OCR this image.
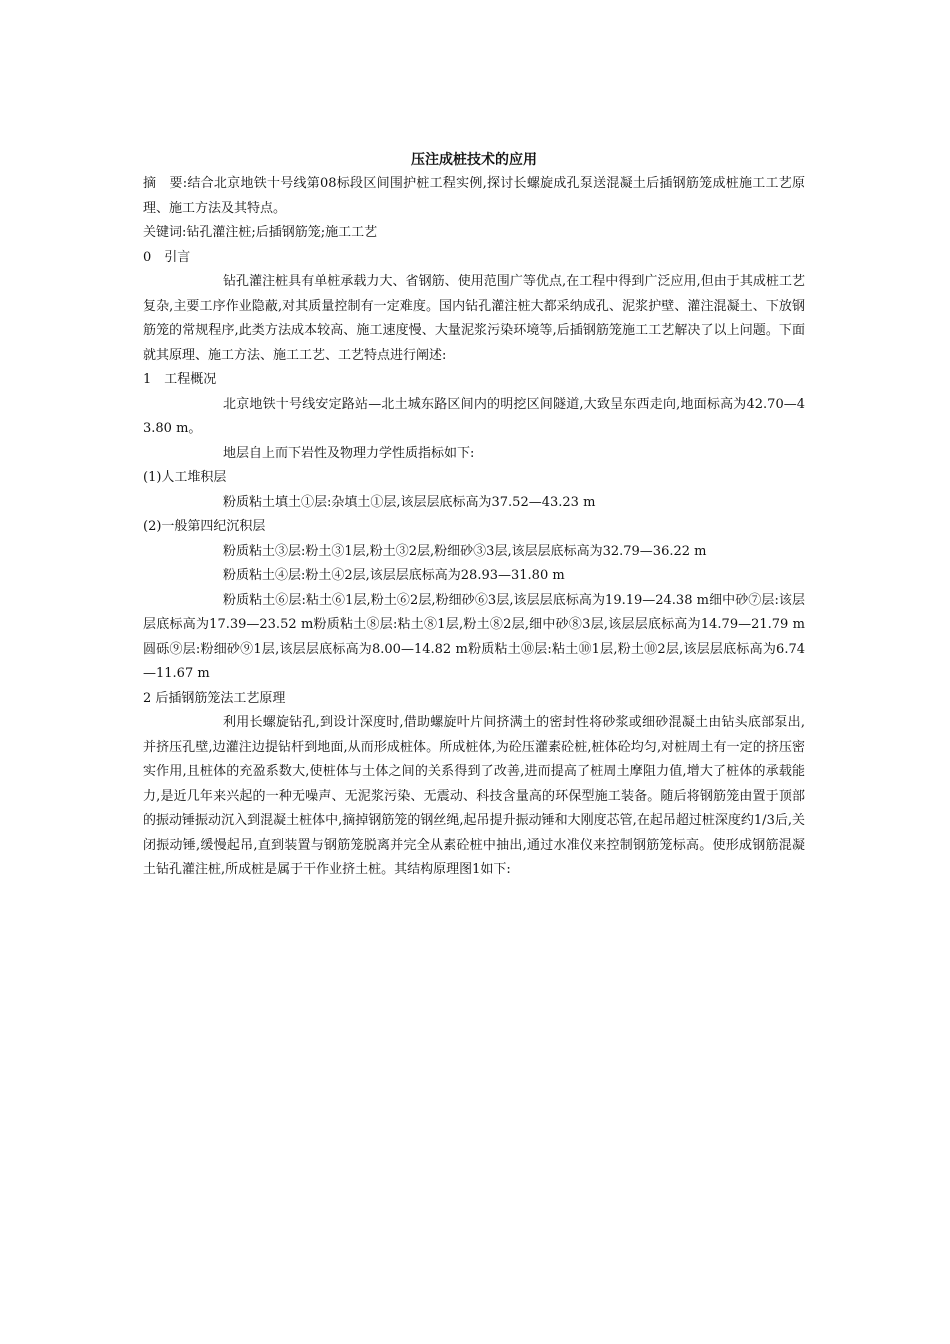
压注成桩技术的应用

摘　要:结合北京地铁十号线第08标段区间围护桩工程实例,探讨长螺旋成孔泵送混凝土后插钢筋笼成桩施工工艺原理、施工方法及其特点。

关键词:钻孔灌注桩;后插钢筋笼;施工工艺

0　引言

钻孔灌注桩具有单桩承载力大、省钢筋、使用范围广等优点,在工程中得到广泛应用,但由于其成桩工艺复杂,主要工序作业隐蔽,对其质量控制有一定难度。国内钻孔灌注桩大都采纳成孔、泥浆护壁、灌注混凝土、下放钢筋笼的常规程序,此类方法成本较高、施工速度慢、大量泥浆污染环境等,后插钢筋笼施工工艺解决了以上问题。下面就其原理、施工方法、施工工艺、工艺特点进行阐述:

1　工程概况

北京地铁十号线安定路站—北土城东路区间内的明挖区间隧道,大致呈东西走向,地面标高为42.70—43.80 m。

地层自上而下岩性及物理力学性质指标如下:

(1)人工堆积层

粉质粘土填土①层:杂填土①层,该层层底标高为37.52—43.23 m

(2)一般第四纪沉积层

粉质粘土③层:粉土③1层,粉土③2层,粉细砂③3层,该层层底标高为32.79—36.22 m

粉质粘土④层:粉土④2层,该层层底标高为28.93—31.80 m

粉质粘土⑥层:粘土⑥1层,粉土⑥2层,粉细砂⑥3层,该层层底标高为19.19—24.38 m细中砂⑦层:该层层底标高为17.39—23.52 m粉质粘土⑧层:粘土⑧1层,粉土⑧2层,细中砂⑧3层,该层层底标高为14.79—21.79 m圆砾⑨层:粉细砂⑨1层,该层层底标高为8.00—14.82 m粉质粘土⑩层:粘土⑩1层,粉土⑩2层,该层层底标高为6.74—11.67 m

2 后插钢筋笼法工艺原理

利用长螺旋钻孔,到设计深度时,借助螺旋叶片间挤满土的密封性将砂浆或细砂混凝土由钻头底部泵出,并挤压孔壁,边灌注边提钻杆到地面,从而形成桩体。所成桩体,为砼压灌素砼桩,桩体砼均匀,对桩周土有一定的挤压密实作用,且桩体的充盈系数大,使桩体与土体之间的关系得到了改善,进而提高了桩周土摩阻力值,增大了桩体的承载能力,是近几年来兴起的一种无噪声、无泥浆污染、无震动、科技含量高的环保型施工装备。随后将钢筋笼由置于顶部的振动锤振动沉入到混凝土桩体中,摘掉钢筋笼的钢丝绳,起吊提升振动锤和大刚度芯管,在起吊超过桩深度约1/3后,关闭振动锤,缓慢起吊,直到装置与钢筋笼脱离并完全从素砼桩中抽出,通过水准仪来控制钢筋笼标高。使形成钢筋混凝土钻孔灌注桩,所成桩是属于干作业挤土桩。其结构原理图1如下:
